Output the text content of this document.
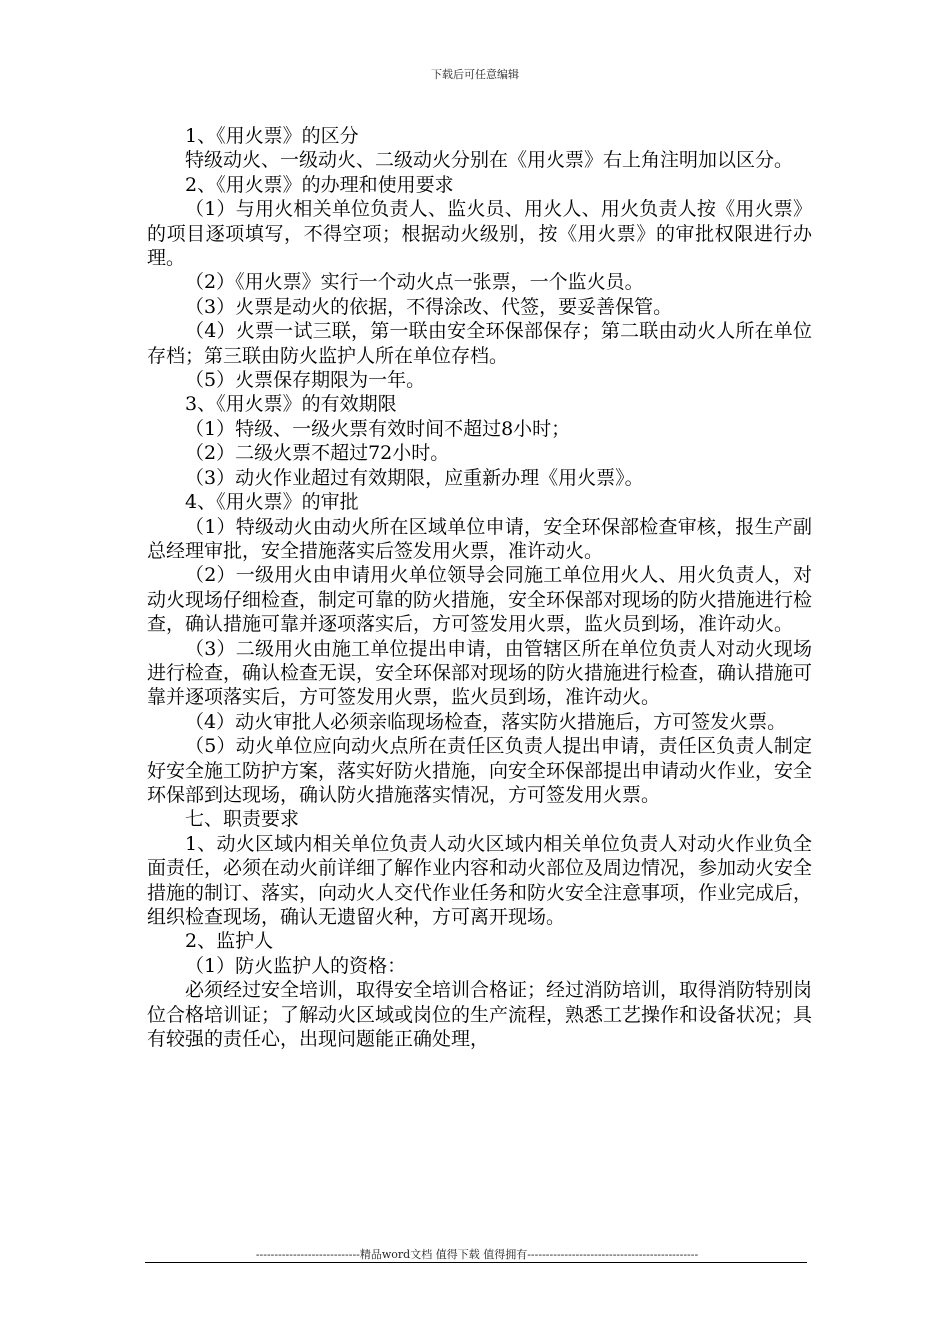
下载后可任意编辑

1、《用火票》的区分

特级动火、一级动火、二级动火分别在《用火票》右上角注明加以区分。

2、《用火票》的办理和使用要求

（1）与用火相关单位负责人、监火员、用火人、用火负责人按《用火票》的项目逐项填写，不得空项；根据动火级别，按《用火票》的审批权限进行办理。

（2）《用火票》实行一个动火点一张票，一个监火员。

（3）火票是动火的依据，不得涂改、代签，要妥善保管。

（4）火票一试三联，第一联由安全环保部保存；第二联由动火人所在单位存档；第三联由防火监护人所在单位存档。

（5）火票保存期限为一年。

3、《用火票》的有效期限

（1）特级、一级火票有效时间不超过8小时；

（2）二级火票不超过72小时。

（3）动火作业超过有效期限，应重新办理《用火票》。

4、《用火票》的审批

（1）特级动火由动火所在区域单位申请，安全环保部检查审核，报生产副总经理审批，安全措施落实后签发用火票，准许动火。

（2）一级用火由申请用火单位领导会同施工单位用火人、用火负责人，对动火现场仔细检查，制定可靠的防火措施，安全环保部对现场的防火措施进行检查，确认措施可靠并逐项落实后，方可签发用火票，监火员到场，准许动火。

（3）二级用火由施工单位提出申请，由管辖区所在单位负责人对动火现场进行检查，确认检查无误，安全环保部对现场的防火措施进行检查，确认措施可靠并逐项落实后，方可签发用火票，监火员到场，准许动火。

（4）动火审批人必须亲临现场检查，落实防火措施后，方可签发火票。

（5）动火单位应向动火点所在责任区负责人提出申请，责任区负责人制定好安全施工防护方案，落实好防火措施，向安全环保部提出申请动火作业，安全环保部到达现场，确认防火措施落实情况，方可签发用火票。

七、职责要求

1、动火区域内相关单位负责人动火区域内相关单位负责人对动火作业负全面责任，必须在动火前详细了解作业内容和动火部位及周边情况，参加动火安全措施的制订、落实，向动火人交代作业任务和防火安全注意事项，作业完成后，组织检查现场，确认无遗留火种，方可离开现场。

2、监护人

（1）防火监护人的资格：

必须经过安全培训，取得安全培训合格证；经过消防培训，取得消防特别岗位合格培训证；了解动火区域或岗位的生产流程，熟悉工艺操作和设备状况；具有较强的责任心，出现问题能正确处理，

----------------------------精品word文档 值得下载 值得拥有----------------------------------------------
